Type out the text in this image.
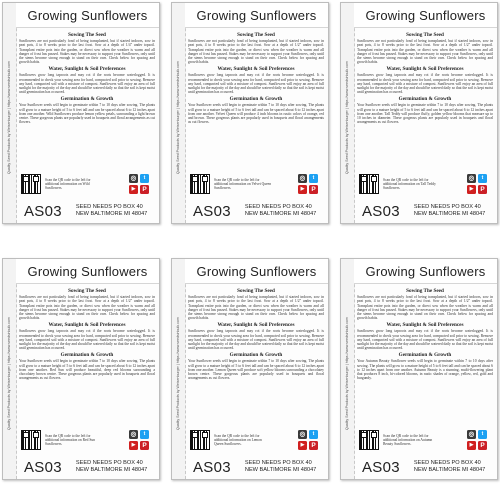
Quality Seed Products by Weisenburger | https://www.seedsinbulk.com
Growing Sunflowers
Sowing The Seed
Sunflowers are not particularly fond of being transplanted, but if started indoors, sow in peat pots, 4 to 8 weeks prior to the last frost. Sow at a depth of 1/4" under topsoil. Transplant entire pots into the garden, or direct sow when the weather is warm and all danger of frost has passed. Stakes may be necessary to support your Sunflowers, only until the stems become strong enough to stand on their own. Check below for spacing and growth habits.
Water, Sunlight & Soil Preferences
Sunflowers grow long taproots and may rot if the roots become waterlogged. It is recommended to check your sowing area for hard, compacted soil prior to sowing. Remove any hard, compacted soil with a mixture of compost. Sunflowers will enjoy an area of full sunlight for the majority of the day and should be watered daily so that the soil is kept moist until germination has occurred.
Germination & Growth
Your Sunflower seeds will begin to germinate within 7 to 10 days after sowing. The plants will grow to a mature height of 5 to 6 feet tall and can be spaced about 6 to 12 inches apart from one another. Wild Sunflowers produce lemon yellow petals, surrounding a light brown centre. These gorgeous plants are popularly used in bouquets and floral arrangements as cut flowers.
Scan the QR code to the left for additional information on Wild Sunflowers.
◎	t
▶	P
AS03	SEED NEEDS PO BOX 40
NEW BALTIMORE MI 48047
Quality Seed Products by Weisenburger | https://www.seedsinbulk.com
Growing Sunflowers
Sowing The Seed
Sunflowers are not particularly fond of being transplanted, but if started indoors, sow in peat pots, 4 to 8 weeks prior to the last frost. Sow at a depth of 1/2" under topsoil. Transplant entire pots into the garden, or direct sow when the weather is warm and all danger of frost has passed. Stakes may be necessary to support your Sunflowers, only until the stems become strong enough to stand on their own. Check below for spacing and growth habits.
Water, Sunlight & Soil Preferences
Sunflowers grow long taproots and may rot if the roots become waterlogged. It is recommended to check your sowing area for hard, compacted soil prior to sowing. Remove any hard, compacted soil with a mixture of compost. Sunflowers will enjoy an area of full sunlight for the majority of the day and should be watered daily so that the soil is kept moist until germination has occurred.
Germination & Growth
Your Sunflower seeds will begin to germinate within 7 to 10 days after sowing. The plants will grow to a mature height of 5 to 6 feet tall and can be spaced about 6 to 12 inches apart from one another. Velvet Queen will produce 4 inch blooms in rustic colors of orange, red and brown. These gorgeous plants are popularly used in bouquets and floral arrangements as cut flowers.
Scan the QR code to the left for additional information on Velvet Queen Sunflowers.
◎	t
▶	P
AS03	SEED NEEDS PO BOX 40
NEW BALTIMORE MI 48047
Quality Seed Products by Weisenburger | https://www.seedsinbulk.com
Growing Sunflowers
Sowing The Seed
Sunflowers are not particularly fond of being transplanted, but if started indoors, sow in peat pots, 4 to 8 weeks prior to the last frost. Sow at a depth of 1/2" under topsoil. Transplant entire pots into the garden, or direct sow when the weather is warm and all danger of frost has passed. Stakes may be necessary to support your Sunflowers, only until the stems become strong enough to stand on their own. Check below for spacing and growth habits.
Water, Sunlight & Soil Preferences
Sunflowers grow long taproots and may rot if the roots become waterlogged. It is recommended to check your sowing area for hard, compacted soil prior to sowing. Remove any hard, compacted soil with a mixture of compost. Sunflowers will enjoy an area of full sunlight for the majority of the day and should be watered daily so that the soil is kept moist until germination has occurred.
Germination & Growth
Your Sunflower seeds will begin to germinate within 7 to 10 days after sowing. The plants will grow to a mature height of 5 to 6 feet tall and can be spaced about 6 to 12 inches apart from one another. Tall Teddy will produce fluffy, golden yellow blooms that measure up to 10 inches in diameter. These gorgeous plants are popularly used in bouquets and floral arrangements as cut flowers.
Scan the QR code to the left for additional information on Tall Teddy Sunflowers.
◎	t
▶	P
AS03	SEED NEEDS PO BOX 40
NEW BALTIMORE MI 48047
Quality Seed Products by Weisenburger | https://www.seedsinbulk.com
Growing Sunflowers
Sowing The Seed
Sunflowers are not particularly fond of being transplanted, but if started indoors, sow in peat pots, 4 to 8 weeks prior to the last frost. Sow at a depth of 1/2" under topsoil. Transplant entire pots into the garden, or direct sow when the weather is warm and all danger of frost has passed. Stakes may be necessary to support your Sunflowers, only until the stems become strong enough to stand on their own. Check below for spacing and growth habits.
Water, Sunlight & Soil Preferences
Sunflowers grow long taproots and may rot if the roots become waterlogged. It is recommended to check your sowing area for hard, compacted soil prior to sowing. Remove any hard, compacted soil with a mixture of compost. Sunflowers will enjoy an area of full sunlight for the majority of the day and should be watered daily so that the soil is kept moist until germination has occurred.
Germination & Growth
Your Sunflower seeds will begin to germinate within 7 to 10 days after sowing. The plants will grow to a mature height of 5 to 6 feet tall and can be spaced about 6 to 12 inches apart from one another. Red Sun will produce beautiful, deep red blooms surrounding a chocolatey brown centre. These gorgeous plants are popularly used in bouquets and floral arrangements as cut flowers.
Scan the QR code to the left for additional information on Red Sun Sunflowers.
◎	t
▶	P
AS03	SEED NEEDS PO BOX 40
NEW BALTIMORE MI 48047
Quality Seed Products by Weisenburger | https://www.seedsinbulk.com
Growing Sunflowers
Sowing The Seed
Sunflowers are not particularly fond of being transplanted, but if started indoors, sow in peat pots, 4 to 8 weeks prior to the last frost. Sow at a depth of 1/2" under topsoil. Transplant entire pots into the garden, or direct sow when the weather is warm and all danger of frost has passed. Stakes may be necessary to support your Sunflowers, only until the stems become strong enough to stand on their own. Check below for spacing and growth habits.
Water, Sunlight & Soil Preferences
Sunflowers grow long taproots and may rot if the roots become waterlogged. It is recommended to check your sowing area for hard, compacted soil prior to sowing. Remove any hard, compacted soil with a mixture of compost. Sunflowers will enjoy an area of full sunlight for the majority of the day and should be watered daily so that the soil is kept moist until germination has occurred.
Germination & Growth
Your Sunflower seeds will begin to germinate within 7 to 10 days after sowing. The plants will grow to a mature height of 5 to 6 feet tall and can be spaced about 6 to 12 inches apart from one another. Lemon Queen will produce soft yellow blooms surrounding a chocolatey brown centre. These gorgeous plants are popularly used in bouquets and floral arrangements as cut flowers.
Scan the QR code to the left for additional information on Lemon Queen Sunflowers.
◎	t
▶	P
AS03	SEED NEEDS PO BOX 40
NEW BALTIMORE MI 48047
Quality Seed Products by Weisenburger | https://www.seedsinbulk.com
Growing Sunflowers
Sowing The Seed
Sunflowers are not particularly fond of being transplanted, but if started indoors, sow in peat pots, 4 to 8 weeks prior to the last frost. Sow at a depth of 1/2" under topsoil. Transplant entire pots into the garden, or direct sow when the weather is warm and all danger of frost has passed. Stakes may be necessary to support your Sunflowers, only until the stems become strong enough to stand on their own. Check below for spacing and growth habits.
Water, Sunlight & Soil Preferences
Sunflowers grow long taproots and may rot if the roots become waterlogged. It is recommended to check your sowing area for hard, compacted soil prior to sowing. Remove any hard, compacted soil with a mixture of compost. Sunflowers will enjoy an area of full sunlight for the majority of the day and should be watered daily so that the soil is kept moist until germination has occurred.
Germination & Growth
Your Autumn Beauty Sunflower seeds will begin to germinate within 7 to 10 days after sowing. The plants will grow to a mature height of 5 to 6 feet tall and can be spaced about 6 to 12 inches apart from one another. Autumn Beauty is a stunning, multi-flowering plant that produces 8 inch, bi-colored blooms, in rustic shades of orange, yellow, red, gold and burgundy.
Scan the QR code to the left for additional information on Autumn Beauty Sunflowers.
◎	t
▶	P
AS03	SEED NEEDS PO BOX 40
NEW BALTIMORE MI 48047
